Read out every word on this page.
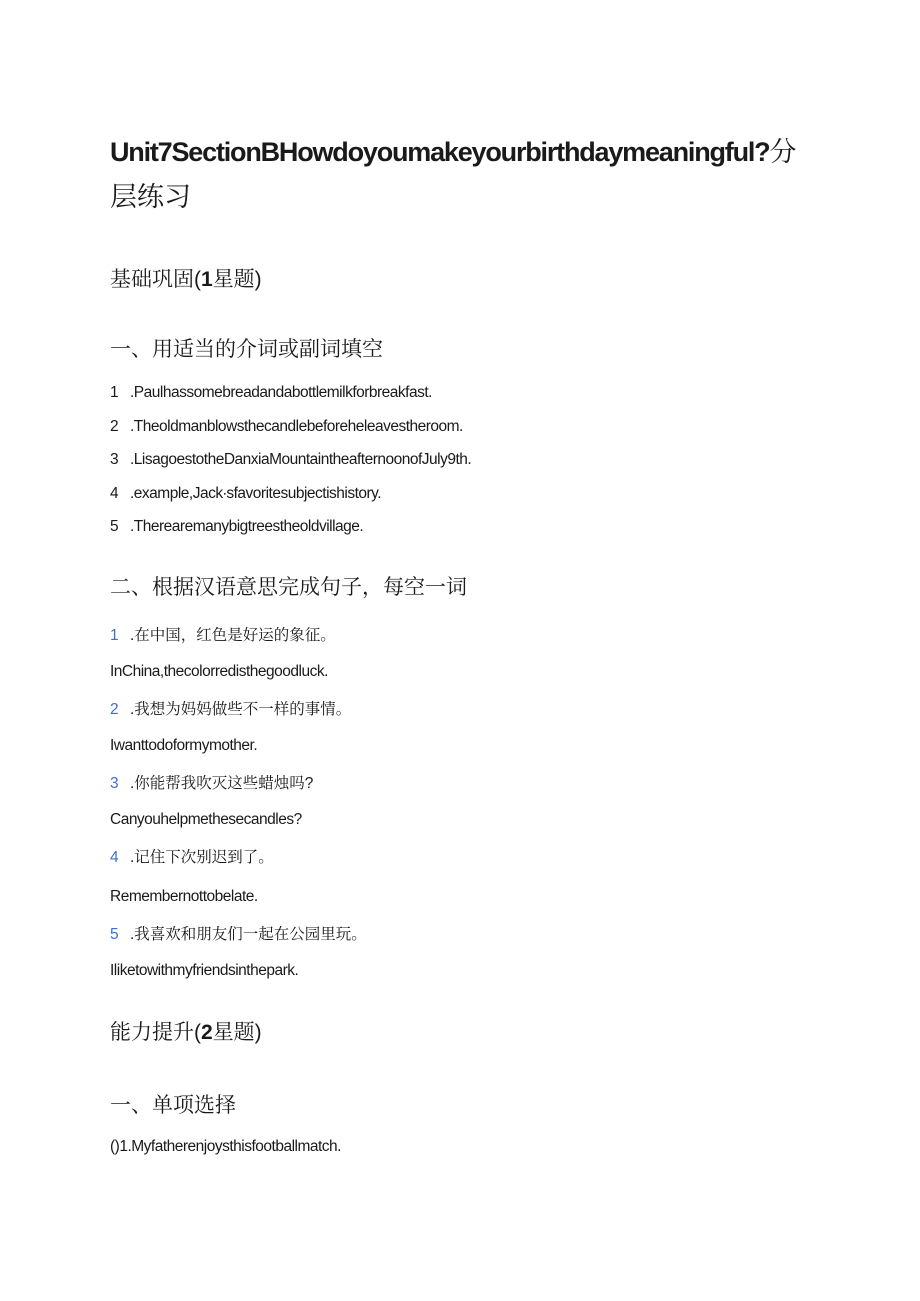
Unit7SectionBHowdoyoumakeyourbirthdaymeaningful?分层练习
基础巩固(1星题)
一、用适当的介词或副词填空
1 .Paulhassomebreadandabottlemilkforbreakfast.
2 .Theoldmanblowsthecandlebeforeheleavestheroom.
3 .LisagoestotheDanxiaMountaintheafternoonofJuly9th.
4 .example,Jack∙sfavoritesubjectishistory.
5 .Therearemanybigtreestheoldvillage.
二、根据汉语意思完成句子，每空一词
1 .在中国，红色是好运的象征。
InChina,thecolorredisthegoodluck.
2 .我想为妈妈做些不一样的事情。
Iwanttodoformymother.
3 .你能帮我吹灭这些蜡烛吗?
Canyouhelpmethesecandles?
4 .记住下次别迟到了。
Remembernottobelate.
5 .我喜欢和朋友们一起在公园里玩。
Iliketowithmyfriendsinthepark.
能力提升(2星题)
一、单项选择
()1.Myfatherenjoysthisfootballmatch.
